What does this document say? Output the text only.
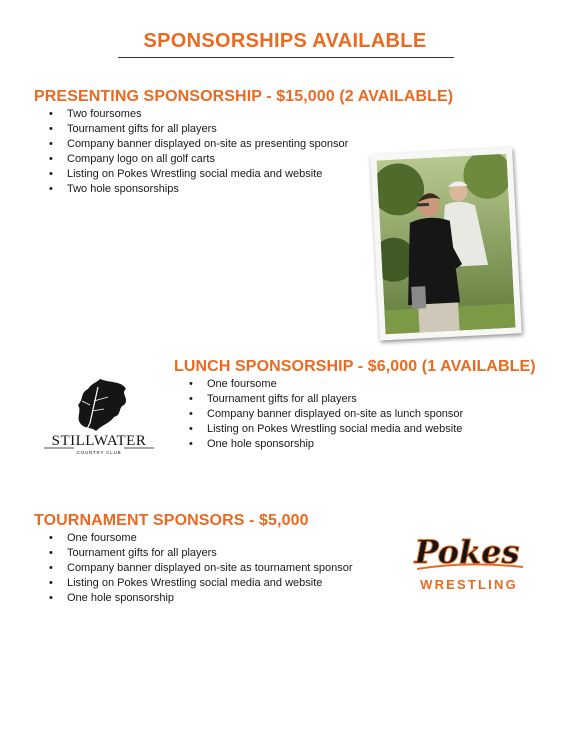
SPONSORSHIPS AVAILABLE
PRESENTING SPONSORSHIP - $15,000 (2 AVAILABLE)
• Two foursomes
• Tournament gifts for all players
• Company banner displayed on-site as presenting sponsor
• Company logo on all golf carts
• Listing on Pokes Wrestling social media and website
• Two hole sponsorships
LUNCH SPONSORSHIP - $6,000 (1 AVAILABLE)
• One foursome
• Tournament gifts for all players
• Company banner displayed on-site as lunch sponsor
• Listing on Pokes Wrestling social media and website
• One hole sponsorship
STILLWATER
COUNTRY CLUB
TOURNAMENT SPONSORS - $5,000
• One foursome
• Tournament gifts for all players
• Company banner displayed on-site as tournament sponsor
• Listing on Pokes Wrestling social media and website
• One hole sponsorship
Pokes
WRESTLING
